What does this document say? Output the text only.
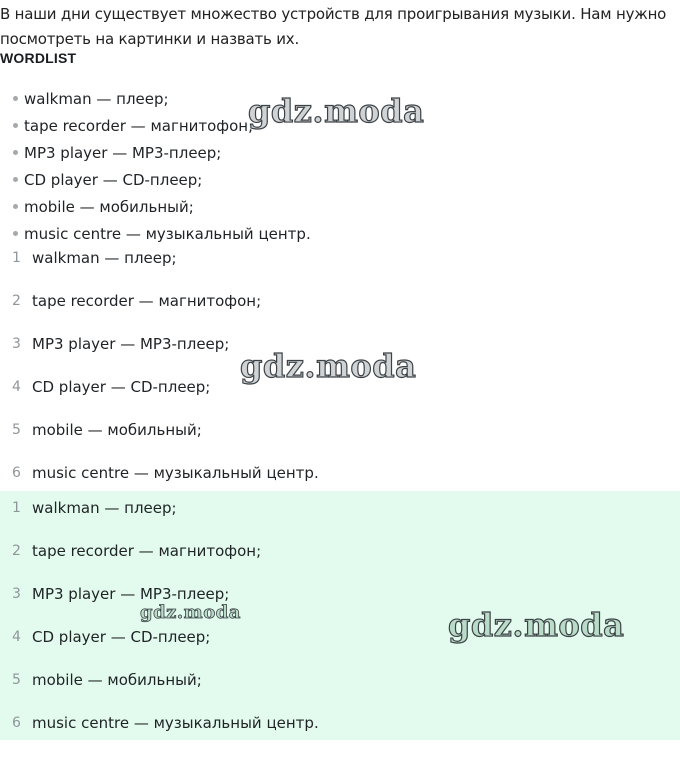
В наши дни существует множество устройств для проигрывания музыки. Нам нужно посмотреть на картинки и назвать их.
WORDLIST
walkman — плеер;
tape recorder — магнитофон;
MP3 player — MP3-плеер;
CD player — CD-плеер;
mobile — мобильный;
music centre — музыкальный центр.
1 walkman — плеер;
2 tape recorder — магнитофон;
3 MP3 player — MP3-плеер;
4 CD player — CD-плеер;
5 mobile — мобильный;
6 music centre — музыкальный центр.
1 walkman — плеер;
2 tape recorder — магнитофон;
3 MP3 player — MP3-плеер;
4 CD player — CD-плеер;
5 mobile — мобильный;
6 music centre — музыкальный центр.
gdz.moda
gdz.moda
gdz.moda	gdz.moda
